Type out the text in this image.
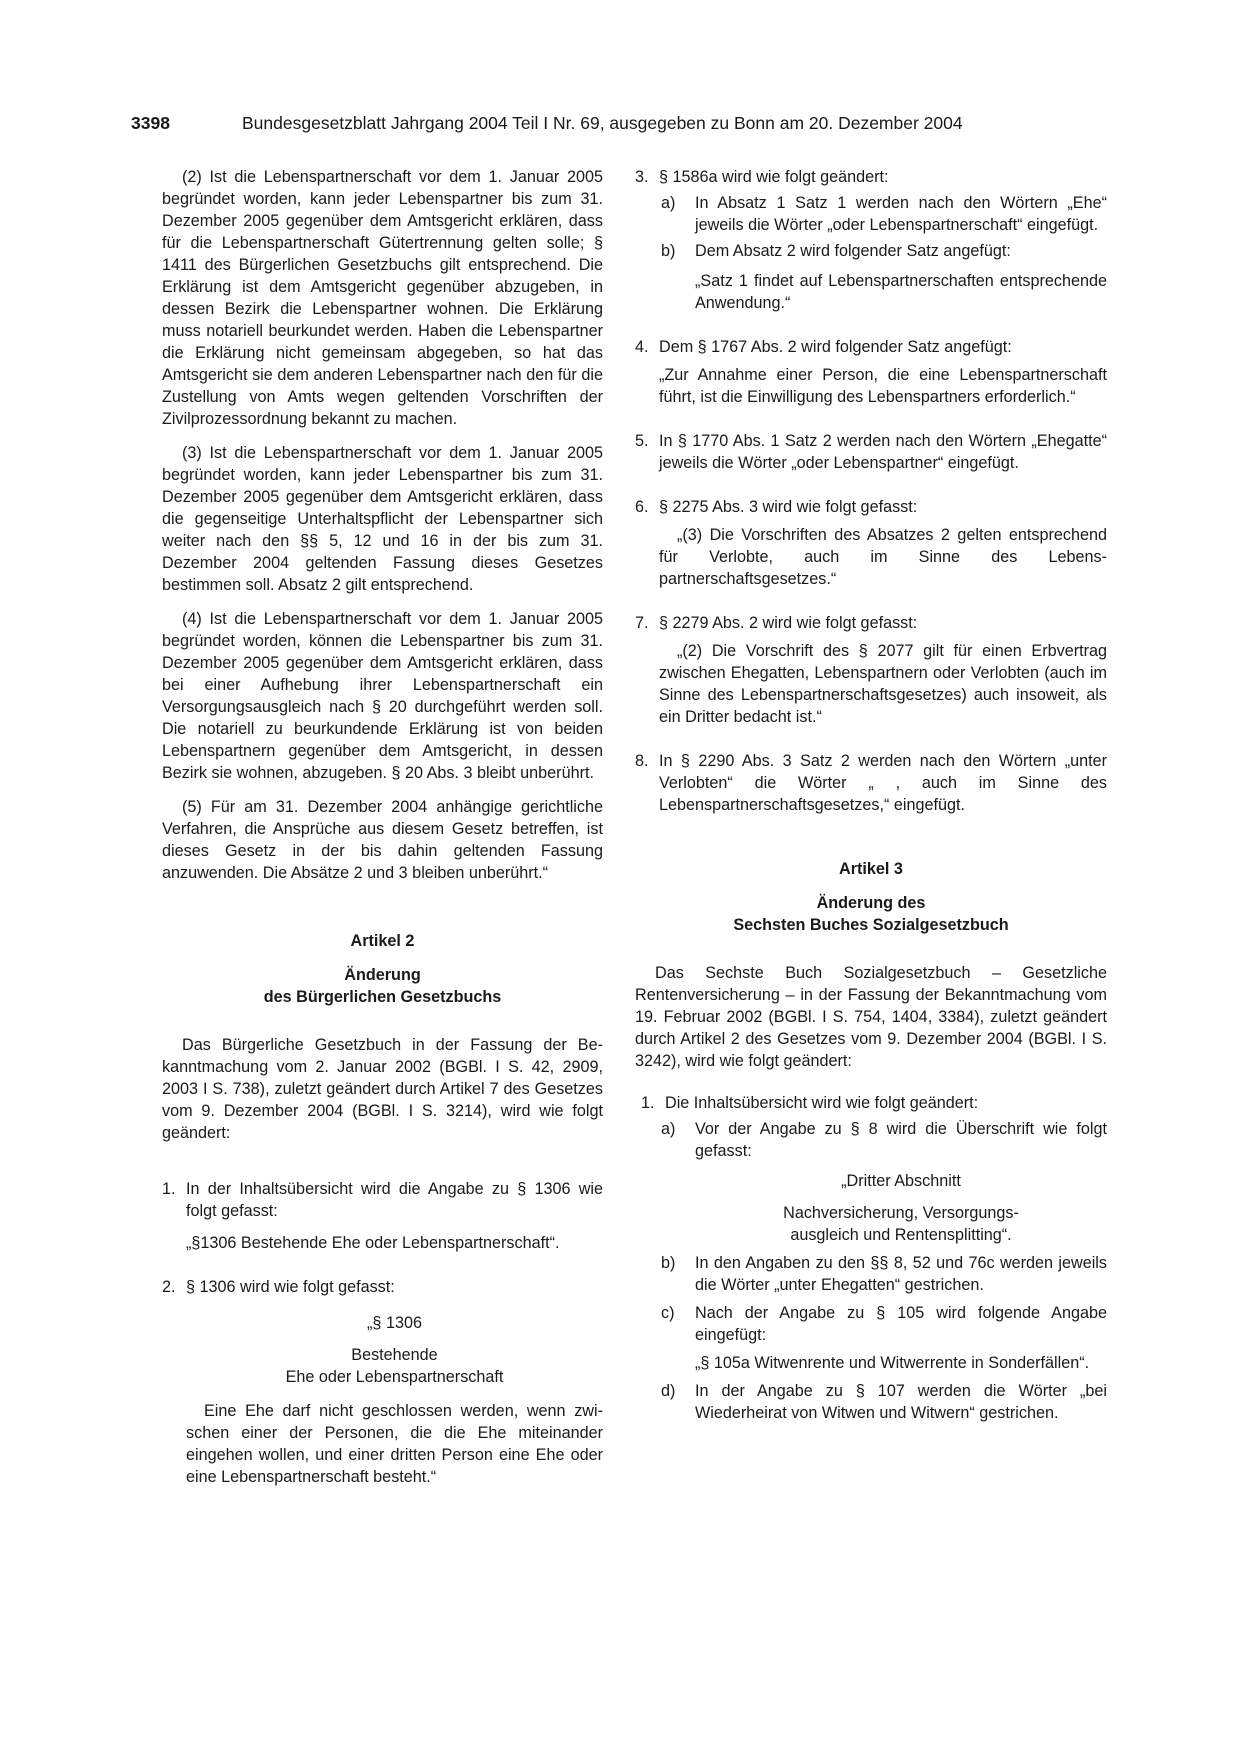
3398	Bundesgesetzblatt Jahrgang 2004 Teil I Nr. 69, ausgegeben zu Bonn am 20. Dezember 2004

(2) Ist die Lebenspartnerschaft vor dem 1. Januar 2005 begründet worden, kann jeder Lebenspartner bis zum 31. Dezember 2005 gegenüber dem Amtsgericht erklären, dass für die Lebenspartnerschaft Gütertrennung gelten solle; § 1411 des Bürgerlichen Gesetzbuchs gilt entsprechend. Die Erklärung ist dem Amtsgericht gegenüber abzugeben, in dessen Bezirk die Lebenspartner wohnen. Die Erklärung muss notariell beurkundet werden. Haben die Lebenspartner die Erklärung nicht gemeinsam abgegeben, so hat das Amtsgericht sie dem anderen Lebenspartner nach den für die Zustellung von Amts wegen geltenden Vorschriften der Zivilprozessordnung bekannt zu machen.

(3) Ist die Lebenspartnerschaft vor dem 1. Januar 2005 begründet worden, kann jeder Lebenspartner bis zum 31. Dezember 2005 gegenüber dem Amtsgericht erklären, dass die gegenseitige Unterhaltspflicht der Lebenspartner sich weiter nach den §§ 5, 12 und 16 in der bis zum 31. Dezember 2004 geltenden Fassung dieses Gesetzes bestimmen soll. Absatz 2 gilt entsprechend.

(4) Ist die Lebenspartnerschaft vor dem 1. Januar 2005 begründet worden, können die Lebenspartner bis zum 31. Dezember 2005 gegenüber dem Amtsgericht erklären, dass bei einer Aufhebung ihrer Lebenspartnerschaft ein Versorgungsausgleich nach § 20 durchgeführt werden soll. Die notariell zu beurkundende Erklärung ist von beiden Lebenspartnern gegenüber dem Amtsgericht, in dessen Bezirk sie wohnen, abzugeben. § 20 Abs. 3 bleibt unberührt.

(5) Für am 31. Dezember 2004 anhängige gerichtliche Verfahren, die Ansprüche aus diesem Gesetz betreffen, ist dieses Gesetz in der bis dahin geltenden Fassung anzuwenden. Die Absätze 2 und 3 bleiben unberührt.“

Artikel 2

Änderung

des Bürgerlichen Gesetzbuchs

Das Bürgerliche Gesetzbuch in der Fassung der Bekanntmachung vom 2. Januar 2002 (BGBl. I S. 42, 2909, 2003 I S. 738), zuletzt geändert durch Artikel 7 des Gesetzes vom 9. Dezember 2004 (BGBl. I S. 3214), wird wie folgt geändert:

1. In der Inhaltsübersicht wird die Angabe zu § 1306 wie folgt gefasst:

„§1306 Bestehende Ehe oder Lebenspartnerschaft“.

2. § 1306 wird wie folgt gefasst:

„§ 1306

Bestehende

Ehe oder Lebenspartnerschaft

Eine Ehe darf nicht geschlossen werden, wenn zwischen einer der Personen, die die Ehe miteinander eingehen wollen, und einer dritten Person eine Ehe oder eine Lebenspartnerschaft besteht.“

3. § 1586a wird wie folgt geändert:

a) In Absatz 1 Satz 1 werden nach den Wörtern „Ehe“ jeweils die Wörter „oder Lebenspartnerschaft“ eingefügt.

b) Dem Absatz 2 wird folgender Satz angefügt:

„Satz 1 findet auf Lebenspartnerschaften entsprechende Anwendung.“

4. Dem § 1767 Abs. 2 wird folgender Satz angefügt:

„Zur Annahme einer Person, die eine Lebenspartnerschaft führt, ist die Einwilligung des Lebenspartners erforderlich.“

5. In § 1770 Abs. 1 Satz 2 werden nach den Wörtern „Ehegatte“ jeweils die Wörter „oder Lebenspartner“ eingefügt.

6. § 2275 Abs. 3 wird wie folgt gefasst:

„(3) Die Vorschriften des Absatzes 2 gelten entsprechend für Verlobte, auch im Sinne des Lebenspartnerschaftsgesetzes.“

7. § 2279 Abs. 2 wird wie folgt gefasst:

„(2) Die Vorschrift des § 2077 gilt für einen Erbvertrag zwischen Ehegatten, Lebenspartnern oder Verlobten (auch im Sinne des Lebenspartnerschaftsgesetzes) auch insoweit, als ein Dritter bedacht ist.“

8. In § 2290 Abs. 3 Satz 2 werden nach den Wörtern „unter Verlobten“ die Wörter „ , auch im Sinne des Lebenspartnerschaftsgesetzes,“ eingefügt.

Artikel 3

Änderung des

Sechsten Buches Sozialgesetzbuch

Das Sechste Buch Sozialgesetzbuch – Gesetzliche Rentenversicherung – in der Fassung der Bekanntmachung vom 19. Februar 2002 (BGBl. I S. 754, 1404, 3384), zuletzt geändert durch Artikel 2 des Gesetzes vom 9. Dezember 2004 (BGBl. I S. 3242), wird wie folgt geändert:

1. Die Inhaltsübersicht wird wie folgt geändert:

a) Vor der Angabe zu § 8 wird die Überschrift wie folgt gefasst:

„Dritter Abschnitt

Nachversicherung, Versorgungs-

ausgleich und Rentensplitting“.

b) In den Angaben zu den §§ 8, 52 und 76c werden jeweils die Wörter „unter Ehegatten“ gestrichen.

c) Nach der Angabe zu § 105 wird folgende Angabe eingefügt:

„§ 105a Witwenrente und Witwerrente in Sonderfällen“.

d) In der Angabe zu § 107 werden die Wörter „bei Wiederheirat von Witwen und Witwern“ gestrichen.
